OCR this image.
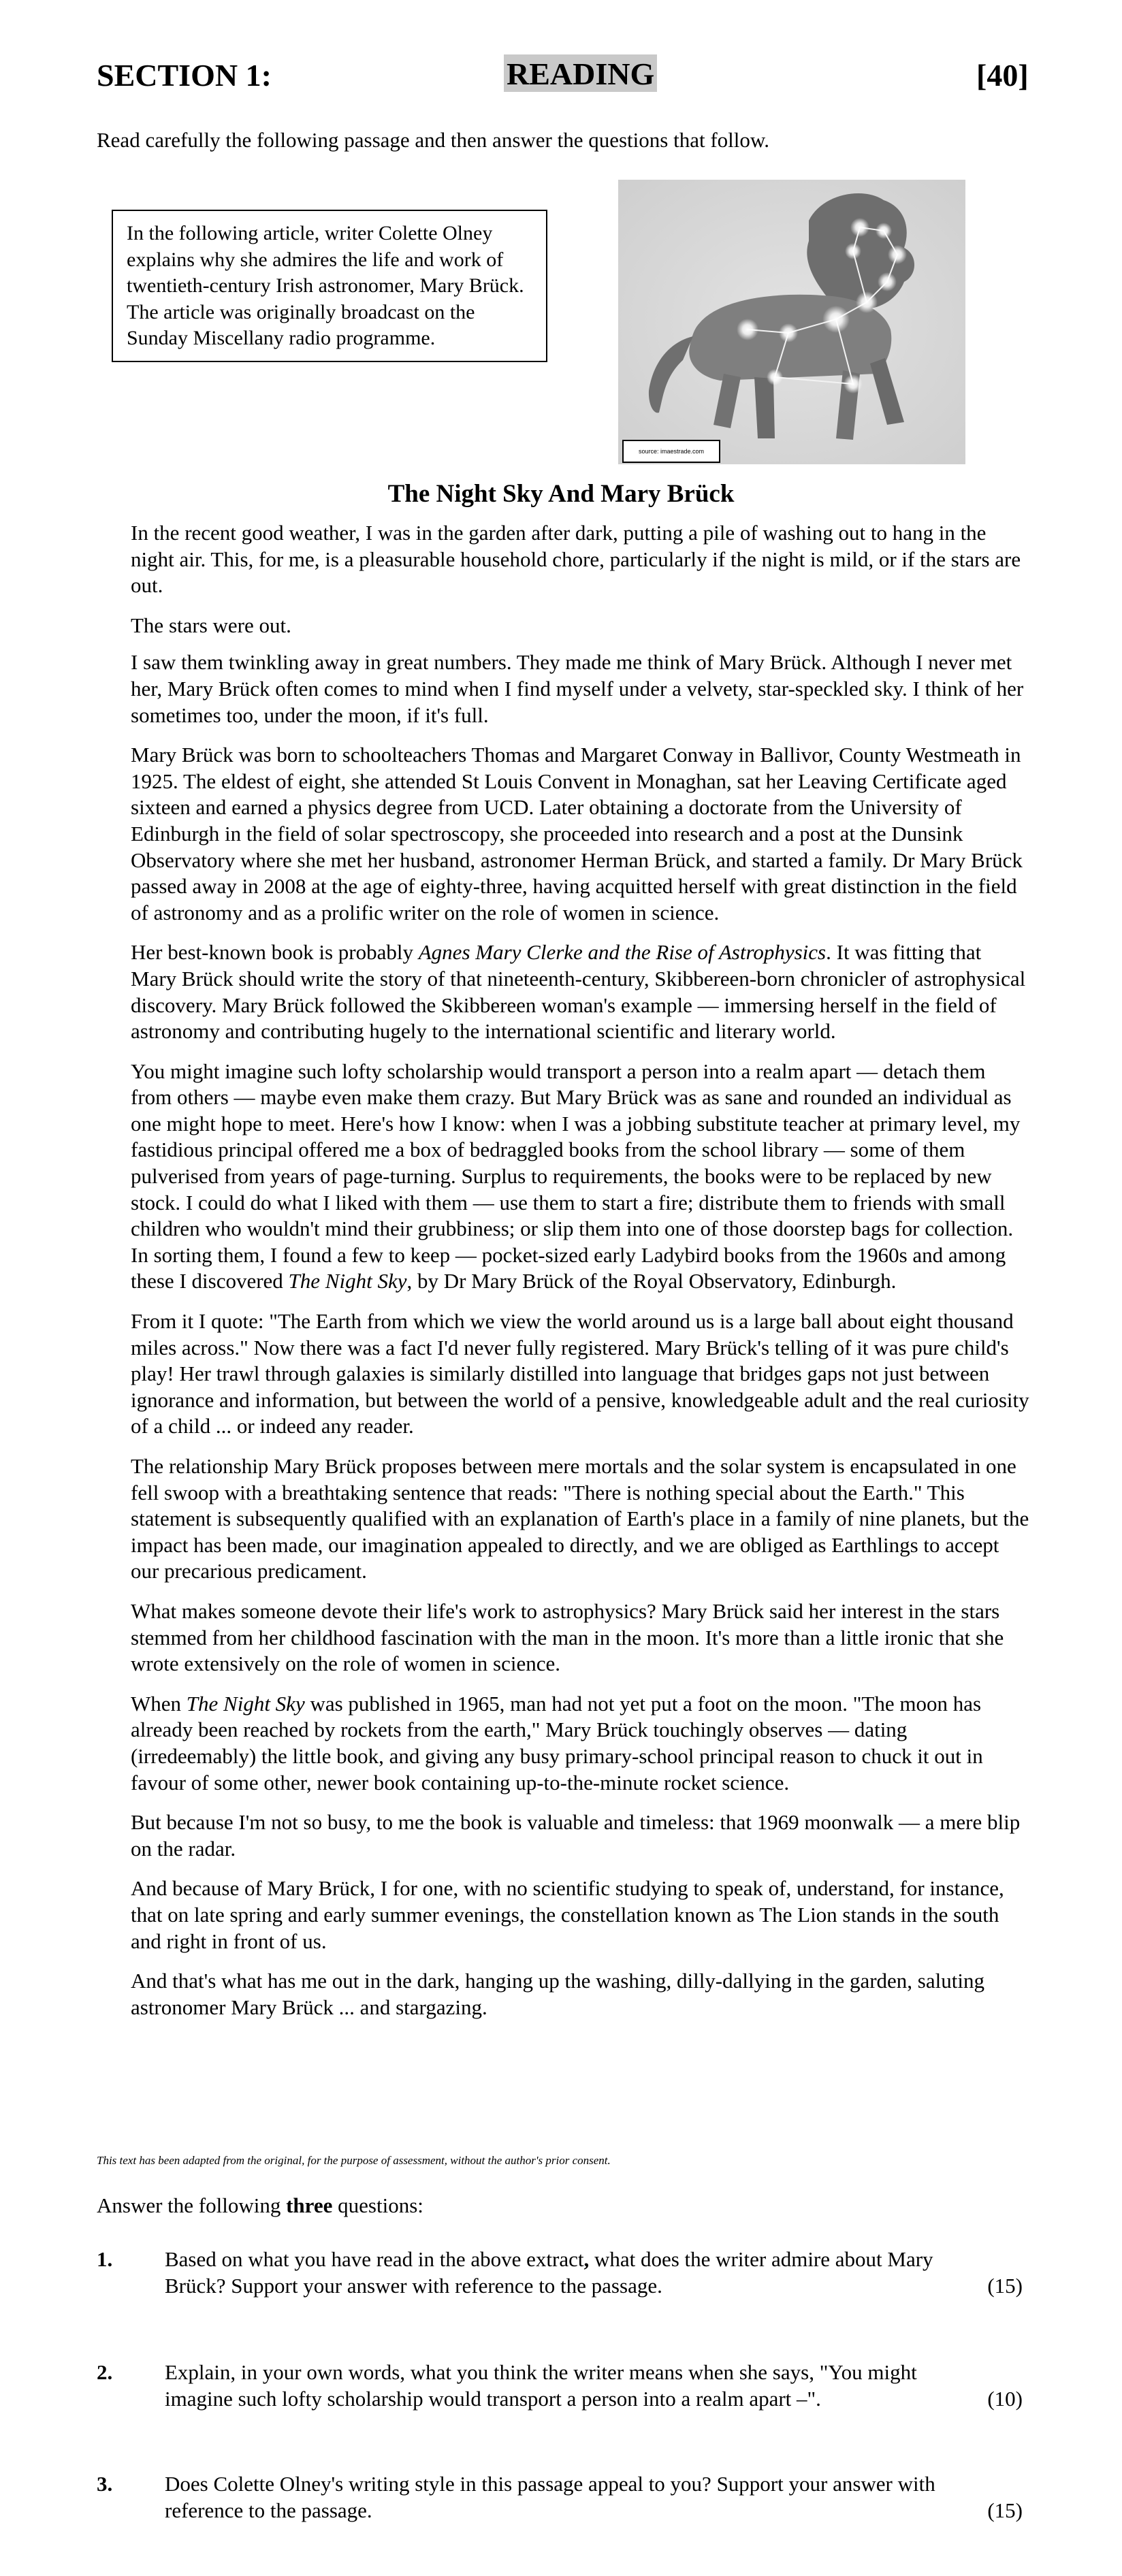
SECTION 1:	READING	[40]
Read carefully the following passage and then answer the questions that follow.
In the following article, writer Colette Olney explains why she admires the life and work of twentieth-century Irish astronomer, Mary Brück. The article was originally broadcast on the Sunday Miscellany radio programme.
source: imaestrade.com
The Night Sky And Mary Brück

In the recent good weather, I was in the garden after dark, putting a pile of washing out to hang in the night air. This, for me, is a pleasurable household chore, particularly if the night is mild, or if the stars are out.

The stars were out.

I saw them twinkling away in great numbers. They made me think of Mary Brück. Although I never met her, Mary Brück often comes to mind when I find myself under a velvety, star-speckled sky. I think of her sometimes too, under the moon, if it's full.

Mary Brück was born to schoolteachers Thomas and Margaret Conway in Ballivor, County Westmeath in 1925. The eldest of eight, she attended St Louis Convent in Monaghan, sat her Leaving Certificate aged sixteen and earned a physics degree from UCD. Later obtaining a doctorate from the University of Edinburgh in the field of solar spectroscopy, she proceeded into research and a post at the Dunsink Observatory where she met her husband, astronomer Herman Brück, and started a family. Dr Mary Brück passed away in 2008 at the age of eighty-three, having acquitted herself with great distinction in the field of astronomy and as a prolific writer on the role of women in science.

Her best-known book is probably Agnes Mary Clerke and the Rise of Astrophysics. It was fitting that Mary Brück should write the story of that nineteenth-century, Skibbereen-born chronicler of astrophysical discovery. Mary Brück followed the Skibbereen woman's example — immersing herself in the field of astronomy and contributing hugely to the international scientific and literary world.

You might imagine such lofty scholarship would transport a person into a realm apart — detach them from others — maybe even make them crazy. But Mary Brück was as sane and rounded an individual as one might hope to meet. Here's how I know: when I was a jobbing substitute teacher at primary level, my fastidious principal offered me a box of bedraggled books from the school library — some of them pulverised from years of page-turning. Surplus to requirements, the books were to be replaced by new stock. I could do what I liked with them — use them to start a fire; distribute them to friends with small children who wouldn't mind their grubbiness; or slip them into one of those doorstep bags for collection. In sorting them, I found a few to keep — pocket-sized early Ladybird books from the 1960s and among these I discovered The Night Sky, by Dr Mary Brück of the Royal Observatory, Edinburgh.

From it I quote: "The Earth from which we view the world around us is a large ball about eight thousand miles across." Now there was a fact I'd never fully registered. Mary Brück's telling of it was pure child's play! Her trawl through galaxies is similarly distilled into language that bridges gaps not just between ignorance and information, but between the world of a pensive, knowledgeable adult and the real curiosity of a child ... or indeed any reader.

The relationship Mary Brück proposes between mere mortals and the solar system is encapsulated in one fell swoop with a breathtaking sentence that reads: "There is nothing special about the Earth." This statement is subsequently qualified with an explanation of Earth's place in a family of nine planets, but the impact has been made, our imagination appealed to directly, and we are obliged as Earthlings to accept our precarious predicament.

What makes someone devote their life's work to astrophysics? Mary Brück said her interest in the stars stemmed from her childhood fascination with the man in the moon. It's more than a little ironic that she wrote extensively on the role of women in science.

When The Night Sky was published in 1965, man had not yet put a foot on the moon. "The moon has already been reached by rockets from the earth," Mary Brück touchingly observes — dating (irredeemably) the little book, and giving any busy primary-school principal reason to chuck it out in favour of some other, newer book containing up-to-the-minute rocket science.

But because I'm not so busy, to me the book is valuable and timeless: that 1969 moonwalk — a mere blip on the radar.

And because of Mary Brück, I for one, with no scientific studying to speak of, understand, for instance, that on late spring and early summer evenings, the constellation known as The Lion stands in the south and right in front of us.

And that's what has me out in the dark, hanging up the washing, dilly-dallying in the garden, saluting astronomer Mary Brück ... and stargazing.

This text has been adapted from the original, for the purpose of assessment, without the author's prior consent.
Answer the following three questions:
1. Based on what you have read in the above extract, what does the writer admire about Mary Brück? Support your answer with reference to the passage.	(15)
2. Explain, in your own words, what you think the writer means when she says, "You might imagine such lofty scholarship would transport a person into a realm apart –".	(10)
3. Does Colette Olney's writing style in this passage appeal to you? Support your answer with reference to the passage.	(15)
